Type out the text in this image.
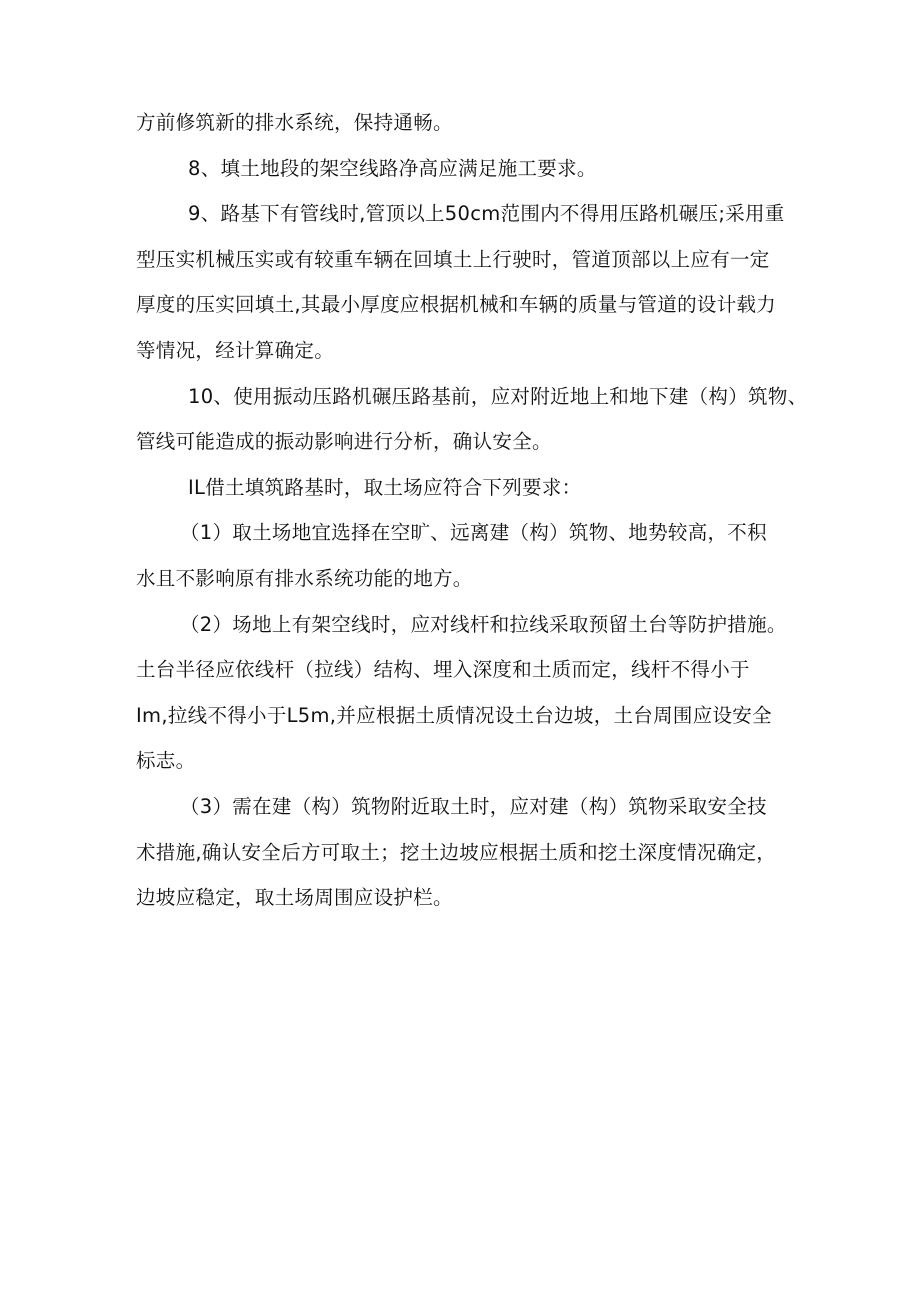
方前修筑新的排水系统，保持通畅。

8、填土地段的架空线路净高应满足施工要求。

9、路基下有管线时,管顶以上50cm范围内不得用压路机碾压;采用重
型压实机械压实或有较重车辆在回填土上行驶时，管道顶部以上应有一定
厚度的压实回填土,其最小厚度应根据机械和车辆的质量与管道的设计载力
等情况，经计算确定。

10、使用振动压路机碾压路基前，应对附近地上和地下建（构）筑物、
管线可能造成的振动影响进行分析，确认安全。

IL借土填筑路基时，取土场应符合下列要求：

（1）取土场地宜选择在空旷、远离建（构）筑物、地势较高，不积
水且不影响原有排水系统功能的地方。

（2）场地上有架空线时，应对线杆和拉线采取预留土台等防护措施。
土台半径应依线杆（拉线）结构、埋入深度和土质而定，线杆不得小于
Im,拉线不得小于L5m,并应根据土质情况设土台边坡，土台周围应设安全
标志。

（3）需在建（构）筑物附近取土时，应对建（构）筑物采取安全技
术措施,确认安全后方可取土；挖土边坡应根据土质和挖土深度情况确定，
边坡应稳定，取土场周围应设护栏。
